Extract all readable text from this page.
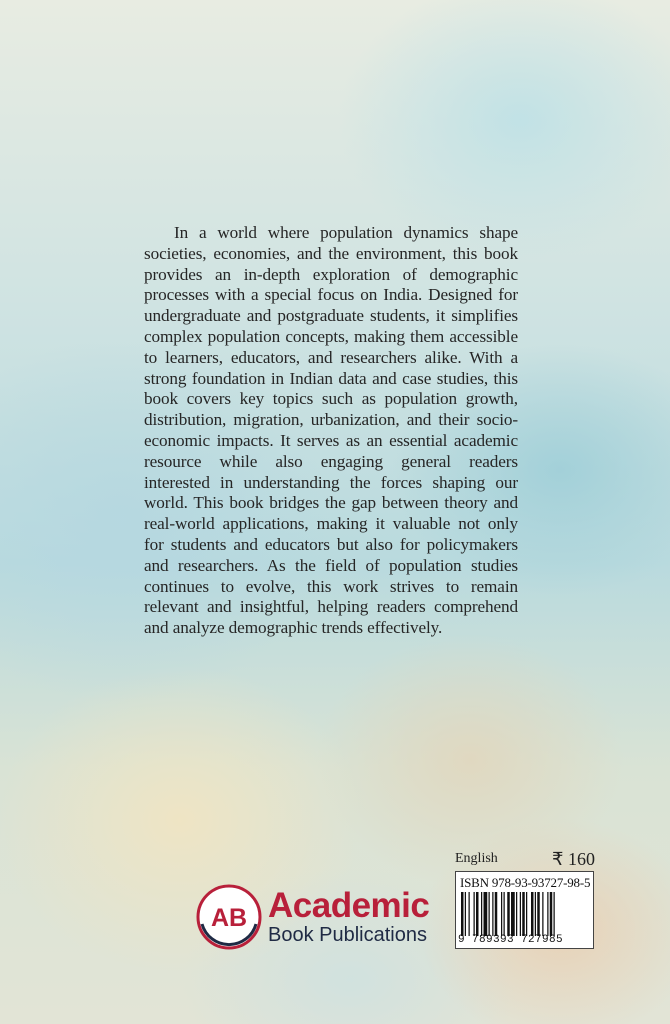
In a world where population dynamics shape societies, economies, and the environment, this book provides an in-depth exploration of demographic processes with a special focus on India. Designed for undergraduate and postgraduate students, it simplifies complex population concepts, making them accessible to learners, educators, and researchers alike. With a strong foundation in Indian data and case studies, this book covers key topics such as population growth, distribution, migration, urbanization, and their socio-economic impacts. It serves as an essential academic resource while also engaging general readers interested in understanding the forces shaping our world. This book bridges the gap between theory and real-world applications, making it valuable not only for students and educators but also for policymakers and researchers. As the field of population studies continues to evolve, this work strives to remain relevant and insightful, helping readers comprehend and analyze demographic trends effectively.

AB Academic
Book Publications
English	₹ 160
ISBN 978-93-93727-98-5
9 789393 727985
